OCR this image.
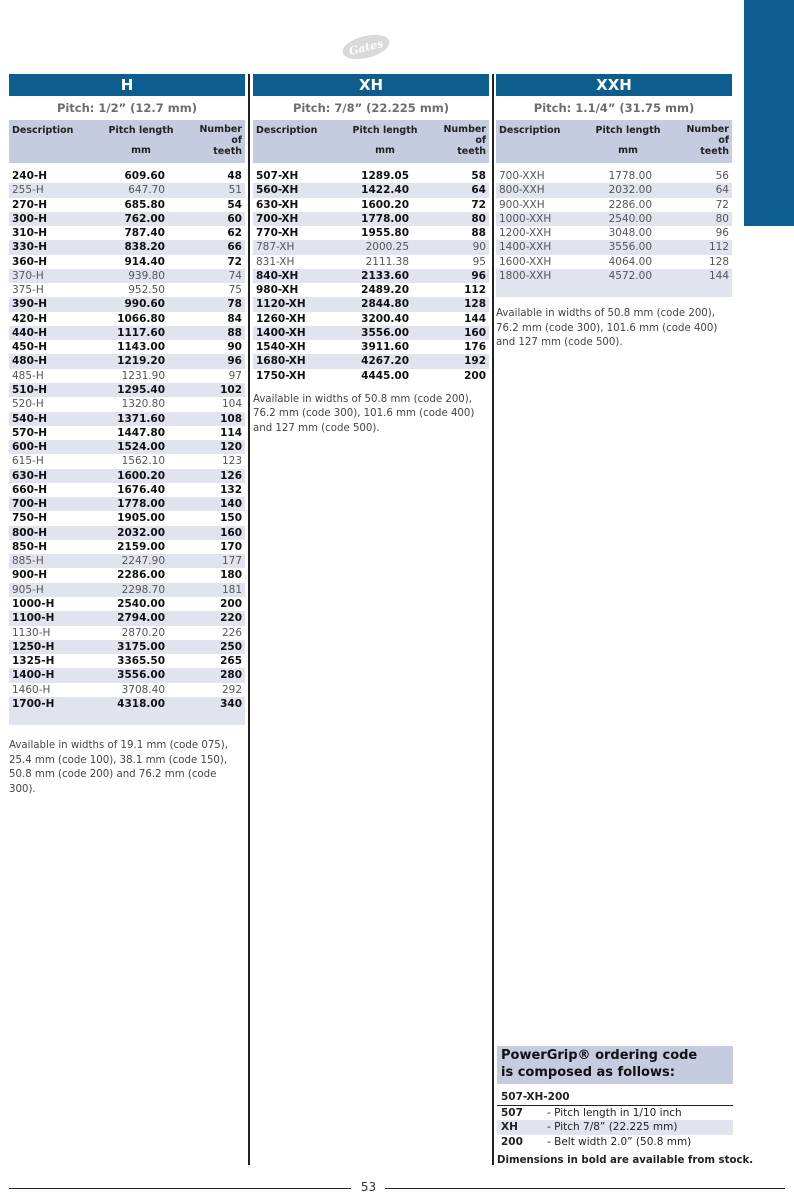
Gates
H
Pitch: 1/2” (12.7 mm)
Description	Pitch length
mm
Number
of
teeth
240-H	609.60	48
255-H	647.70	51
270-H	685.80	54
300-H	762.00	60
310-H	787.40	62
330-H	838.20	66
360-H	914.40	72
370-H	939.80	74
375-H	952.50	75
390-H	990.60	78
420-H	1066.80	84
440-H	1117.60	88
450-H	1143.00	90
480-H	1219.20	96
485-H	1231.90	97
510-H	1295.40	102
520-H	1320.80	104
540-H	1371.60	108
570-H	1447.80	114
600-H	1524.00	120
615-H	1562.10	123
630-H	1600.20	126
660-H	1676.40	132
700-H	1778.00	140
750-H	1905.00	150
800-H	2032.00	160
850-H	2159.00	170
885-H	2247.90	177
900-H	2286.00	180
905-H	2298.70	181
1000-H	2540.00	200
1100-H	2794.00	220
1130-H	2870.20	226
1250-H	3175.00	250
1325-H	3365.50	265
1400-H	3556.00	280
1460-H	3708.40	292
1700-H	4318.00	340

Available in widths of 19.1 mm (code 075), 25.4 mm (code 100), 38.1 mm (code 150), 50.8 mm (code 200) and 76.2 mm (code 300).

XH
Pitch: 7/8” (22.225 mm)
Description	Pitch length
mm
Number
of
teeth
507-XH	1289.05	58
560-XH	1422.40	64
630-XH	1600.20	72
700-XH	1778.00	80
770-XH	1955.80	88
787-XH	2000.25	90
831-XH	2111.38	95
840-XH	2133.60	96
980-XH	2489.20	112
1120-XH	2844.80	128
1260-XH	3200.40	144
1400-XH	3556.00	160
1540-XH	3911.60	176
1680-XH	4267.20	192
1750-XH	4445.00	200

Available in widths of 50.8 mm (code 200), 76.2 mm (code 300), 101.6 mm (code 400) and 127 mm (code 500).

XXH
Pitch: 1.1/4” (31.75 mm)
Description	Pitch length
mm
Number
of
teeth
700-XXH	1778.00	56
800-XXH	2032.00	64
900-XXH	2286.00	72
1000-XXH	2540.00	80
1200-XXH	3048.00	96
1400-XXH	3556.00	112
1600-XXH	4064.00	128
1800-XXH	4572.00	144

Available in widths of 50.8 mm (code 200), 76.2 mm (code 300), 101.6 mm (code 400) and 127 mm (code 500).

PowerGrip® ordering code
is composed as follows:
507-XH-200
507 - Pitch length in 1/10 inch
XH	- Pitch 7/8” (22.225 mm)
200 - Belt width 2.0” (50.8 mm)
Dimensions in bold are available from stock.
53
